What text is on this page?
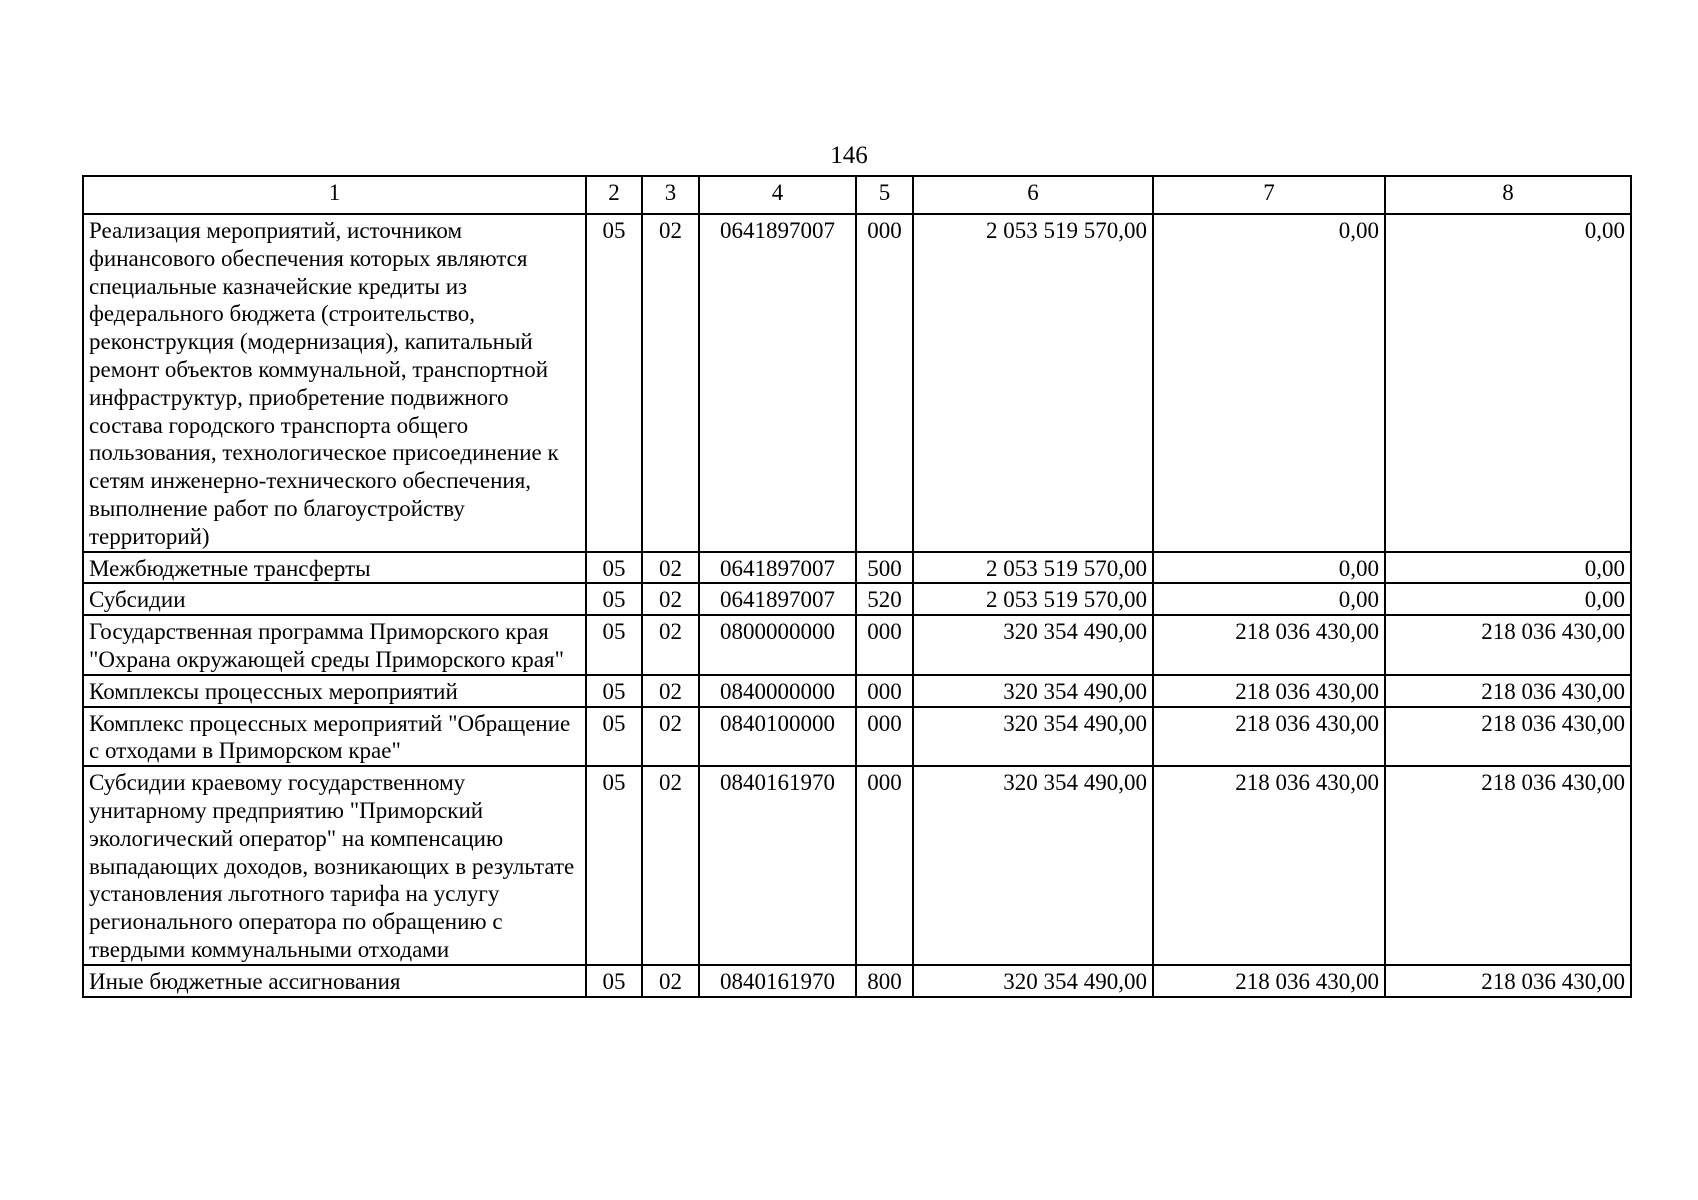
146
1	2	3	4	5	6	7	8
Реализация мероприятий, источником финансового обеспечения которых являются специальные казначейские кредиты из федерального бюджета (строительство, реконструкция (модернизация), капитальный ремонт объектов коммунальной, транспортной инфраструктур, приобретение подвижного состава городского транспорта общего пользования, технологическое присоединение к сетям инженерно-технического обеспечения, выполнение работ по благоустройству территорий)	05	02	0641897007	000	2 053 519 570,00	0,00	0,00
Межбюджетные трансферты	05	02	0641897007	500	2 053 519 570,00	0,00	0,00
Субсидии	05	02	0641897007	520	2 053 519 570,00	0,00	0,00
Государственная программа Приморского края "Охрана окружающей среды Приморского края"	05	02	0800000000	000	320 354 490,00	218 036 430,00	218 036 430,00
Комплексы процессных мероприятий	05	02	0840000000	000	320 354 490,00	218 036 430,00	218 036 430,00
Комплекс процессных мероприятий "Обращение с отходами в Приморском крае"	05	02	0840100000	000	320 354 490,00	218 036 430,00	218 036 430,00
Субсидии краевому государственному унитарному предприятию "Приморский экологический оператор" на компенсацию выпадающих доходов, возникающих в результате установления льготного тарифа на услугу регионального оператора по обращению с твердыми коммунальными отходами	05	02	0840161970	000	320 354 490,00	218 036 430,00	218 036 430,00
Иные бюджетные ассигнования	05	02	0840161970	800	320 354 490,00	218 036 430,00	218 036 430,00
